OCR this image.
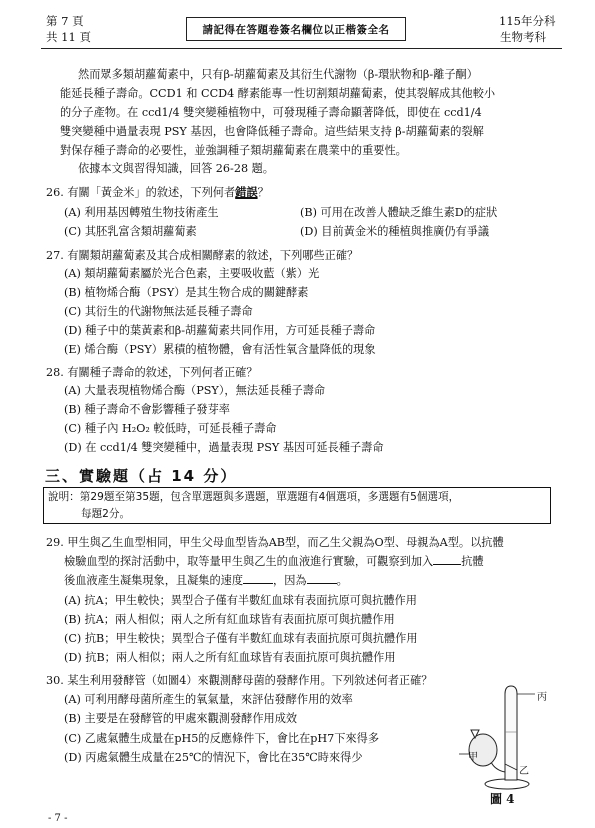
第 7 頁
共 11 頁
請記得在答題卷簽名欄位以正楷簽全名
115年分科
生物考科
然而眾多類胡蘿蔔素中，只有β-胡蘿蔔素及其衍生代謝物（β-環狀物和β-離子酮）
能延長種子壽命。CCD1 和 CCD4 酵素能專一性切割類胡蘿蔔素，使其裂解成其他較小
的分子產物。在 ccd1/4 雙突變種植物中，可發現種子壽命顯著降低，即使在 ccd1/4
雙突變種中過量表現 PSY 基因，也會降低種子壽命。這些結果支持 β-胡蘿蔔素的裂解
對保存種子壽命的必要性，並強調種子類胡蘿蔔素在農業中的重要性。
依據本文與習得知識，回答 26-28 題。
26. 有關「黃金米」的敘述，下列何者錯誤？
(A) 利用基因轉殖生物技術產生	(B) 可用在改善人體缺乏維生素D的症狀
(C) 其胚乳富含類胡蘿蔔素	(D) 目前黃金米的種植與推廣仍有爭議
27. 有關類胡蘿蔔素及其合成相關酵素的敘述，下列哪些正確？
(A) 類胡蘿蔔素屬於光合色素，主要吸收藍（紫）光
(B) 植物烯合酶（PSY）是其生物合成的關鍵酵素
(C) 其衍生的代謝物無法延長種子壽命
(D) 種子中的葉黃素和β-胡蘿蔔素共同作用，方可延長種子壽命
(E) 烯合酶（PSY）累積的植物體，會有活性氧含量降低的現象
28. 有關種子壽命的敘述，下列何者正確？
(A) 大量表現植物烯合酶（PSY），無法延長種子壽命
(B) 種子壽命不會影響種子發芽率
(C) 種子內 H₂O₂ 較低時，可延長種子壽命
(D) 在 ccd1/4 雙突變種中，過量表現 PSY 基因可延長種子壽命
三、實驗題（占 14 分）
說明：第29題至第35題，包含單選題與多選題，單選題有4個選項，多選題有5個選項，
每題2分。
29. 甲生與乙生血型相同，甲生父母血型皆為AB型，而乙生父親為O型、母親為A型。以抗體
檢驗血型的探討活動中，取等量甲生與乙生的血液進行實驗，可觀察到加入	抗體
後血液產生凝集現象，且凝集的速度	，因為	。
(A) 抗A；甲生較快；異型合子僅有半數紅血球有表面抗原可與抗體作用
(B) 抗A；兩人相似；兩人之所有紅血球皆有表面抗原可與抗體作用
(C) 抗B；甲生較快；異型合子僅有半數紅血球有表面抗原可與抗體作用
(D) 抗B；兩人相似；兩人之所有紅血球皆有表面抗原可與抗體作用
30. 某生利用發酵管（如圖4）來觀測酵母菌的發酵作用。下列敘述何者正確？
(A) 可利用酵母菌所產生的氧氣量，來評估發酵作用的效率
(B) 主要是在發酵管的甲處來觀測發酵作用成效
(C) 乙處氣體生成量在pH5的反應條件下，會比在pH7下來得多
(D) 丙處氣體生成量在25℃的情況下，會比在35℃時來得少
丙
甲
乙
圖 4
- 7 -
